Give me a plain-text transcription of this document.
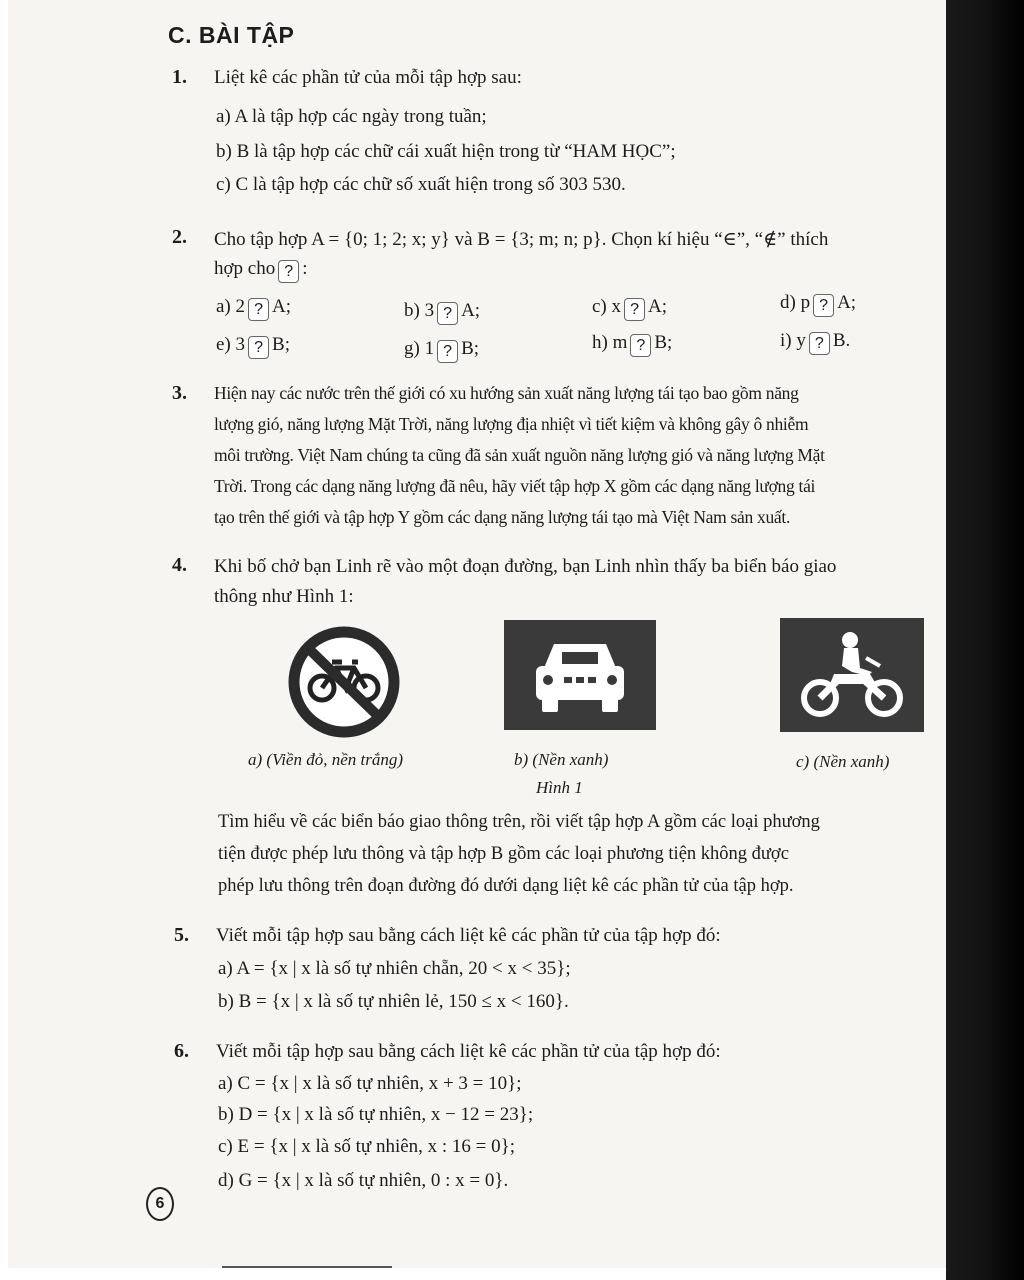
C. BÀI TẬP
1. Liệt kê các phần tử của mỗi tập hợp sau:
a) A là tập hợp các ngày trong tuần;
b) B là tập hợp các chữ cái xuất hiện trong từ “HAM HỌC”;
c) C là tập hợp các chữ số xuất hiện trong số 303 530.
2. Cho tập hợp A = {0; 1; 2; x; y} và B = {3; m; n; p}. Chọn kí hiệu “∈”, “∉” thích
hợp cho ? :
a) 2 ? A;	b) 3 ? A;	c) x ? A;	d) p ? A;
e) 3 ? B;	g) 1 ? B;	h) m ? B;	i) y ? B.
3. Hiện nay các nước trên thế giới có xu hướng sản xuất năng lượng tái tạo bao gồm năng
lượng gió, năng lượng Mặt Trời, năng lượng địa nhiệt vì tiết kiệm và không gây ô nhiễm
môi trường. Việt Nam chúng ta cũng đã sản xuất nguồn năng lượng gió và năng lượng Mặt
Trời. Trong các dạng năng lượng đã nêu, hãy viết tập hợp X gồm các dạng năng lượng tái
tạo trên thế giới và tập hợp Y gồm các dạng năng lượng tái tạo mà Việt Nam sản xuất.
4. Khi bố chở bạn Linh rẽ vào một đoạn đường, bạn Linh nhìn thấy ba biển báo giao
thông như Hình 1:
a) (Viền đỏ, nền trắng)	b) (Nền xanh)	c) (Nền xanh)
Hình 1
Tìm hiểu về các biển báo giao thông trên, rồi viết tập hợp A gồm các loại phương
tiện được phép lưu thông và tập hợp B gồm các loại phương tiện không được
phép lưu thông trên đoạn đường đó dưới dạng liệt kê các phần tử của tập hợp.
5. Viết mỗi tập hợp sau bằng cách liệt kê các phần tử của tập hợp đó:
a) A = {x | x là số tự nhiên chẵn, 20 < x < 35};
b) B = {x | x là số tự nhiên lẻ, 150 ≤ x < 160}.
6. Viết mỗi tập hợp sau bằng cách liệt kê các phần tử của tập hợp đó:
a) C = {x | x là số tự nhiên, x + 3 = 10};
b) D = {x | x là số tự nhiên, x − 12 = 23};
c) E = {x | x là số tự nhiên, x : 16 = 0};
d) G = {x | x là số tự nhiên, 0 : x = 0}.
6
